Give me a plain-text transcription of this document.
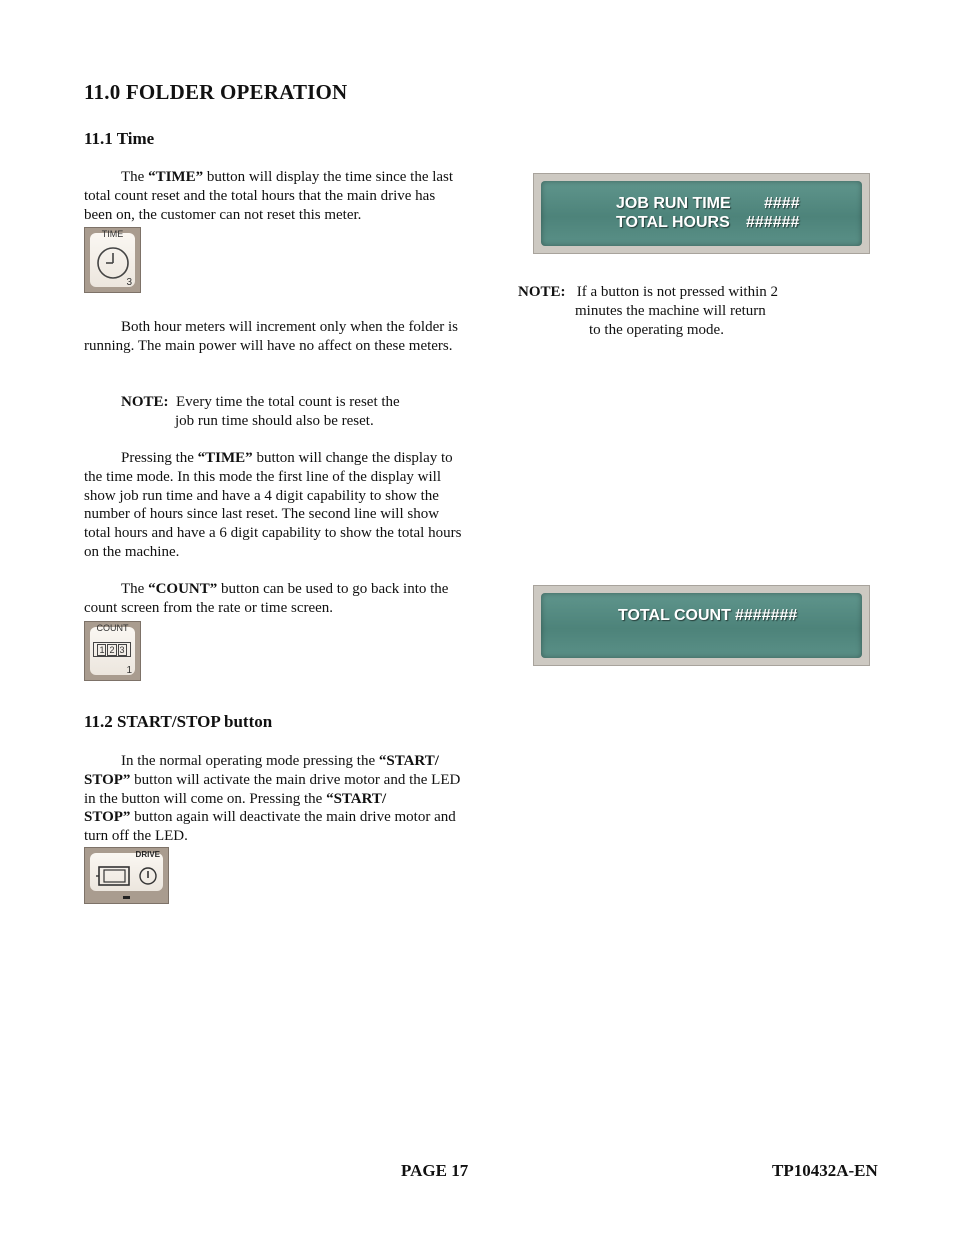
11.0 FOLDER OPERATION
11.1 Time

The “TIME” button will display the time since the last total count reset and the total hours that the main drive has been on, the customer can not reset this meter.

TIME
3

Both hour meters will increment only when the folder is running. The main power will have no affect on these meters.

NOTE: Every time the total count is reset the
job run time should also be reset.

Pressing the “TIME” button will change the display to the time mode. In this mode the first line of the display will show job run time and have a 4 digit capability to show the number of hours since last reset. The second line will show total hours and have a 6 digit capability to show the total hours on the machine.

The “COUNT” button can be used to go back into the count screen from the rate or time screen.

COUNT
1 2 3
1
JOB RUN TIME ####
TOTAL HOURS ######

NOTE: If a button is not pressed within 2
minutes the machine will return
to the operating mode.

TOTAL COUNT #######
11.2 START/STOP button

In the normal operating mode pressing the “START/
STOP” button will activate the main drive motor and the LED in the button will come on. Pressing the “START/
STOP” button again will deactivate the main drive motor and turn off the LED.

DRIVE
PAGE 17	TP10432A-EN
